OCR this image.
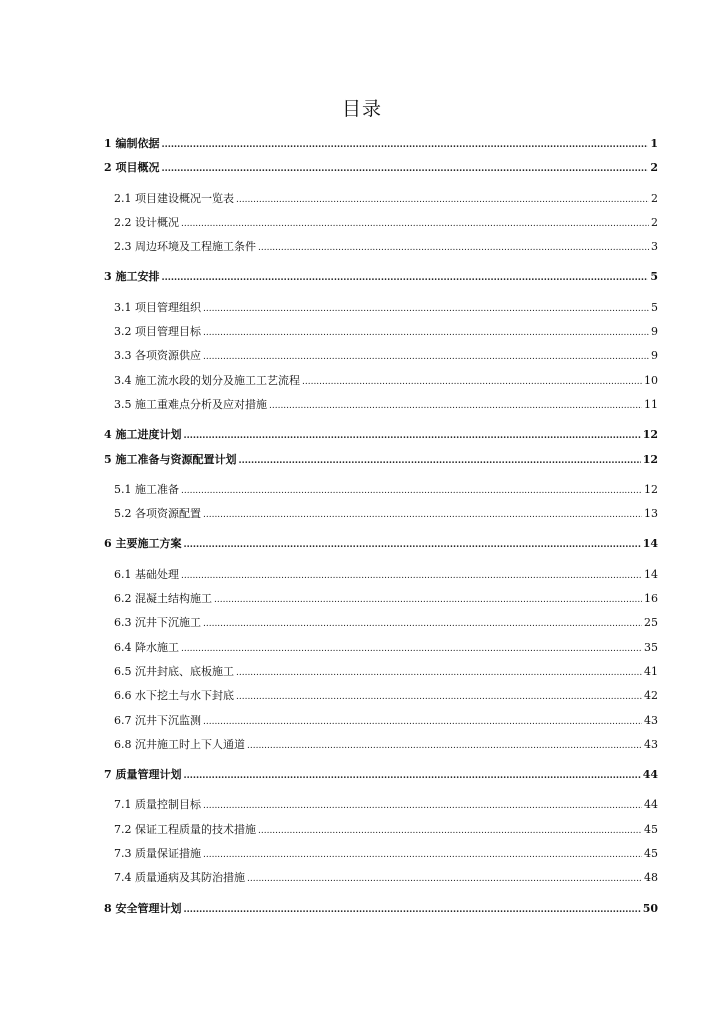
目录
1 编制依据 .....	1
2 项目概况 .....	2
2.1 项目建设概况一览表 .....	2
2.2 设计概况 .....	2
2.3 周边环境及工程施工条件 .....	3
3 施工安排 .....	5
3.1 项目管理组织 .....	5
3.2 项目管理目标 .....	9
3.3 各项资源供应 .....	9
3.4 施工流水段的划分及施工工艺流程 .....	10
3.5 施工重难点分析及应对措施 .....	11
4 施工进度计划 .....	12
5 施工准备与资源配置计划 .....	12
5.1 施工准备 .....	12
5.2 各项资源配置 .....	13
6 主要施工方案 .....	14
6.1 基础处理 .....	14
6.2 混凝土结构施工 .....	16
6.3 沉井下沉施工 .....	25
6.4 降水施工 .....	35
6.5 沉井封底、底板施工 .....	41
6.6 水下挖土与水下封底 .....	42
6.7 沉井下沉监测 .....	43
6.8 沉井施工时上下人通道 .....	43
7 质量管理计划 .....	44
7.1 质量控制目标 .....	44
7.2 保证工程质量的技术措施 .....	45
7.3 质量保证措施 .....	45
7.4 质量通病及其防治措施 .....	48
8 安全管理计划 .....	50
